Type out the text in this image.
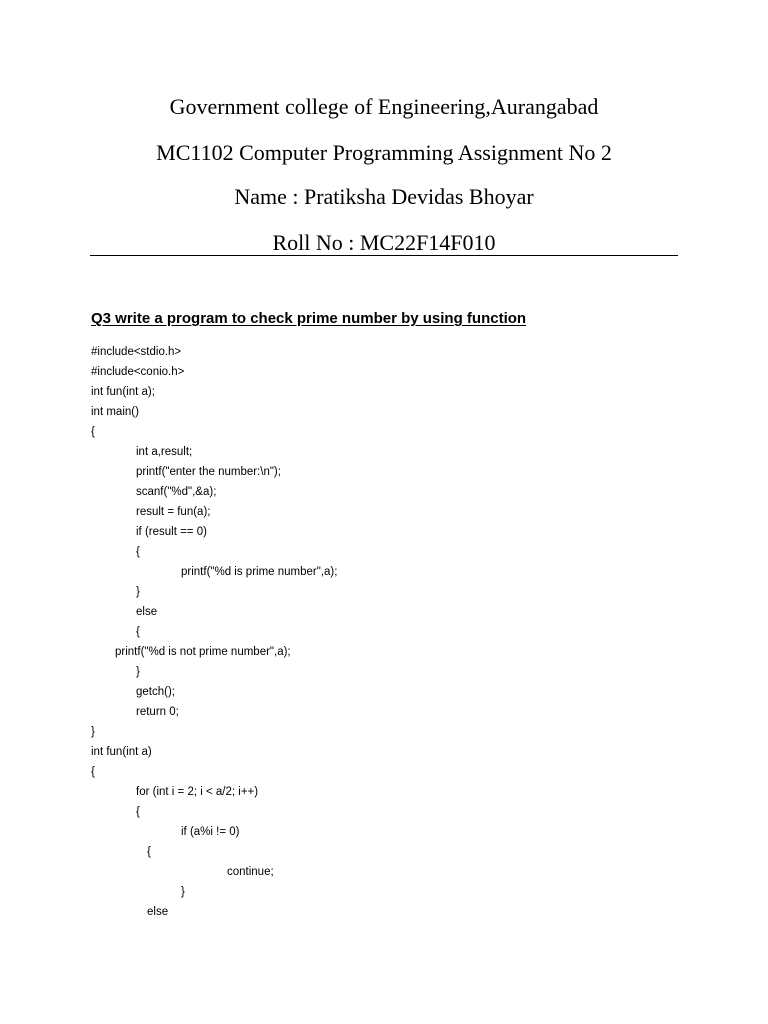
Government college of Engineering,Aurangabad
MC1102 Computer Programming Assignment No 2
Name : Pratiksha Devidas Bhoyar
Roll No : MC22F14F010
Q3 write a program to check prime number by using function
#include<stdio.h>
#include<conio.h>
int fun(int a);
int main()
{
int a,result;
printf("enter the number:\n");
scanf("%d",&a);
result = fun(a);
if (result == 0)
{
printf("%d is prime number",a);
}
else
{
printf("%d is not prime number",a);
}
getch();
return 0;
}
int fun(int a)
{
for (int i = 2; i < a/2; i++)
{
if (a%i != 0)
{
continue;
}
else
